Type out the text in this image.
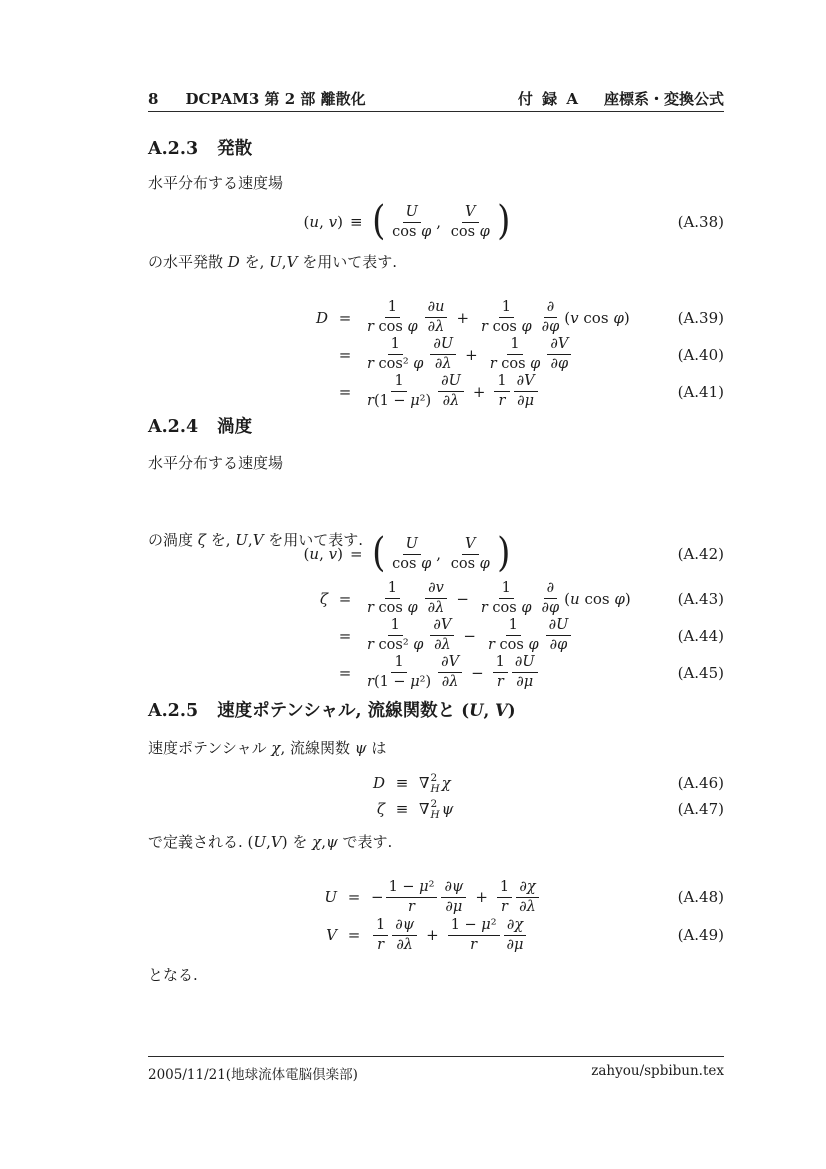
8 DCPAM3 第 2 部 離散化	付 録 A 座標系・変換公式
A.2.3 発散
水平分布する速度場
( u , v ) ≡ ( $\frac{U}{\text{cos φ}}$ , $\frac{V}{\text{cos φ}}$ )	(A.38)
の水平発散 D を, U,V を用いて表す.
$D = \frac{1}{\text{r cos φ}} \frac{\partial u}{\partial\lambda} + \frac{1}{\text{r cos φ}} \frac{\partial}{\partial\varphi}$ ( v cos φ )	(A.39)
= $\frac{1}{\text{r cos² φ}} \frac{\partial U}{\partial\lambda} + \frac{1}{\text{r cos φ}} \frac{\partial V}{\partial\varphi}$	(A.40)
= $\frac{1}{\text{r (1 − μ ²)}} \frac{\partial U}{\partial\lambda} + \frac{1}{r} \frac{\partial V}{\partial\mu}$	(A.41)
A.2.4 渦度
水平分布する速度場
( u , v ) = ( $\frac{U}{\text{cos φ}}$ , $\frac{V}{\text{cos φ}}$ )	(A.42)
の渦度 ζ を, U,V を用いて表す.
$\zeta = \frac{1}{\text{r cos φ}} \frac{\partial v}{\partial\lambda} - \frac{1}{\text{r cos φ}} \frac{\partial}{\partial\varphi}$ ( u cos φ )	(A.43)
= $\frac{1}{\text{r cos² φ}} \frac{\partial V}{\partial\lambda} - \frac{1}{\text{r cos φ}} \frac{\partial U}{\partial\varphi}$	(A.44)
= $\frac{1}{\text{r (1 − μ ²)}} \frac{\partial V}{\partial\lambda} - \frac{1}{r} \frac{\partial U}{\partial\mu}$	(A.45)
A.2.5 速度ポテンシャル, 流線関数と (U, V)
速度ポテンシャル χ, 流線関数 ψ は
D ≡ ∇ 2
H χ	(A.46)
ζ ≡ ∇ 2
H ψ	(A.47)
で定義される. (U,V) を χ,ψ で表す.
U = − $\frac{\text{1 − μ ²}}{r} \frac{\partial\psi}{\partial\mu} + \frac{1}{r} \frac{\partial\chi}{\partial\lambda}$	(A.48)
$V = \frac{1}{r} \frac{\partial\psi}{\partial\lambda} + \frac{\text{1 − μ ²}}{r} \frac{\partial\chi}{\partial\mu}$	(A.49)
となる.
2005/11/21(地球流体電脳倶楽部)	zahyou/spbibun.tex
